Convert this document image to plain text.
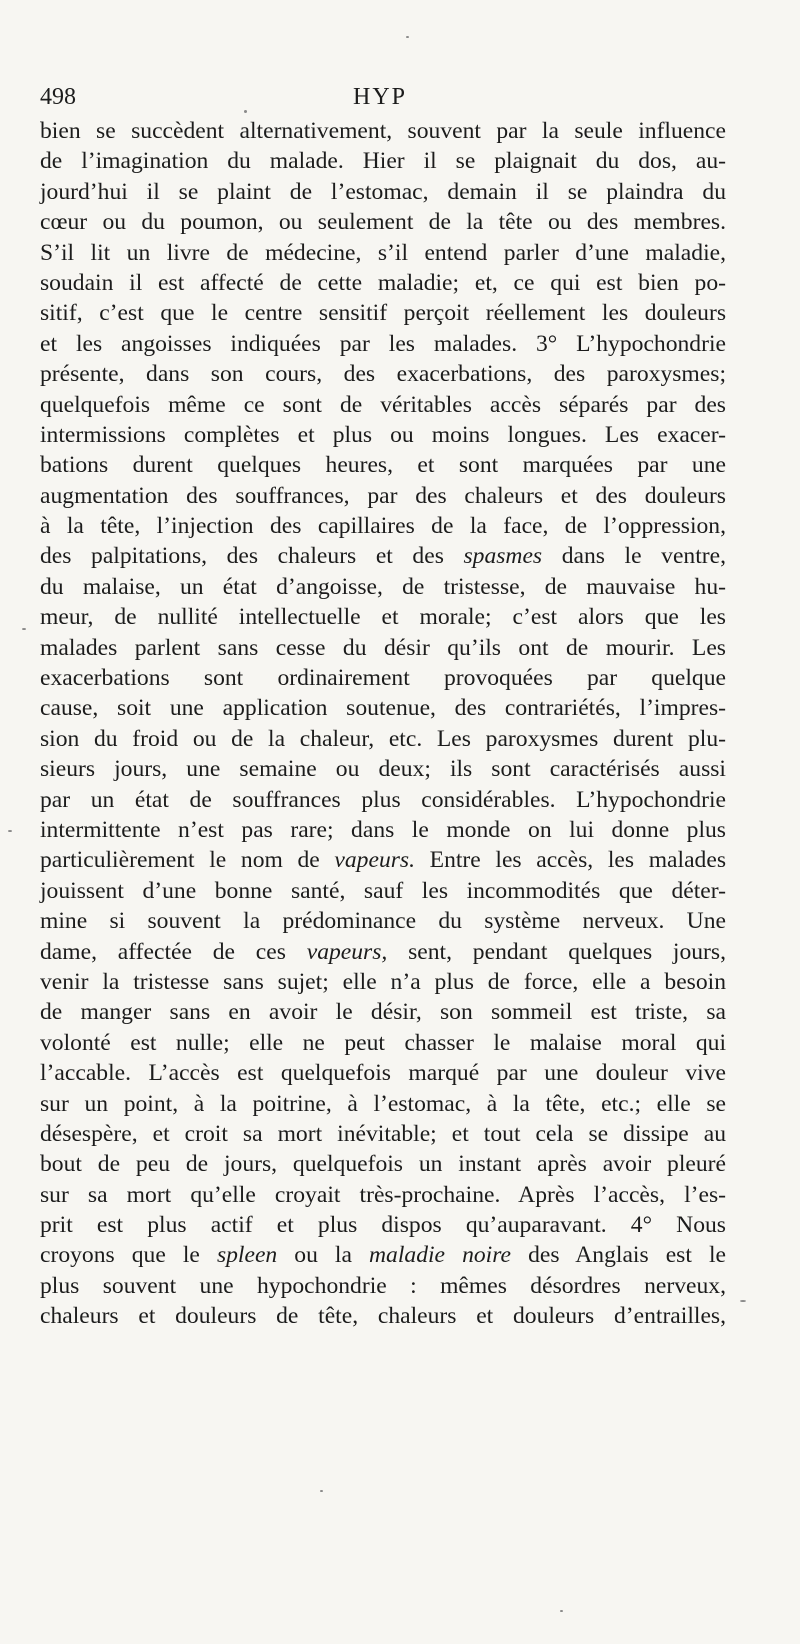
498	HYP
bien se succèdent alternativement, souvent par la seule influence
de l’imagination du malade. Hier il se plaignait du dos, au-
jourd’hui il se plaint de l’estomac, demain il se plaindra du
cœur ou du poumon, ou seulement de la tête ou des membres.
S’il lit un livre de médecine, s’il entend parler d’une maladie,
soudain il est affecté de cette maladie; et, ce qui est bien po-
sitif, c’est que le centre sensitif perçoit réellement les douleurs
et les angoisses indiquées par les malades. 3° L’hypochondrie
présente, dans son cours, des exacerbations, des paroxysmes;
quelquefois même ce sont de véritables accès séparés par des
intermissions complètes et plus ou moins longues. Les exacer-
bations durent quelques heures, et sont marquées par une
augmentation des souffrances, par des chaleurs et des douleurs
à la tête, l’injection des capillaires de la face, de l’oppression,
des palpitations, des chaleurs et des spasmes dans le ventre,
du malaise, un état d’angoisse, de tristesse, de mauvaise hu-
meur, de nullité intellectuelle et morale; c’est alors que les
malades parlent sans cesse du désir qu’ils ont de mourir. Les
exacerbations sont ordinairement provoquées par quelque
cause, soit une application soutenue, des contrariétés, l’impres-
sion du froid ou de la chaleur, etc. Les paroxysmes durent plu-
sieurs jours, une semaine ou deux; ils sont caractérisés aussi
par un état de souffrances plus considérables. L’hypochondrie
intermittente n’est pas rare; dans le monde on lui donne plus
particulièrement le nom de vapeurs. Entre les accès, les malades
jouissent d’une bonne santé, sauf les incommodités que déter-
mine si souvent la prédominance du système nerveux. Une
dame, affectée de ces vapeurs, sent, pendant quelques jours,
venir la tristesse sans sujet; elle n’a plus de force, elle a besoin
de manger sans en avoir le désir, son sommeil est triste, sa
volonté est nulle; elle ne peut chasser le malaise moral qui
l’accable. L’accès est quelquefois marqué par une douleur vive
sur un point, à la poitrine, à l’estomac, à la tête, etc.; elle se
désespère, et croit sa mort inévitable; et tout cela se dissipe au
bout de peu de jours, quelquefois un instant après avoir pleuré
sur sa mort qu’elle croyait très-prochaine. Après l’accès, l’es-
prit est plus actif et plus dispos qu’auparavant. 4° Nous
croyons que le spleen ou la maladie noire des Anglais est le
plus souvent une hypochondrie : mêmes désordres nerveux,
chaleurs et douleurs de tête, chaleurs et douleurs d’entrailles,
